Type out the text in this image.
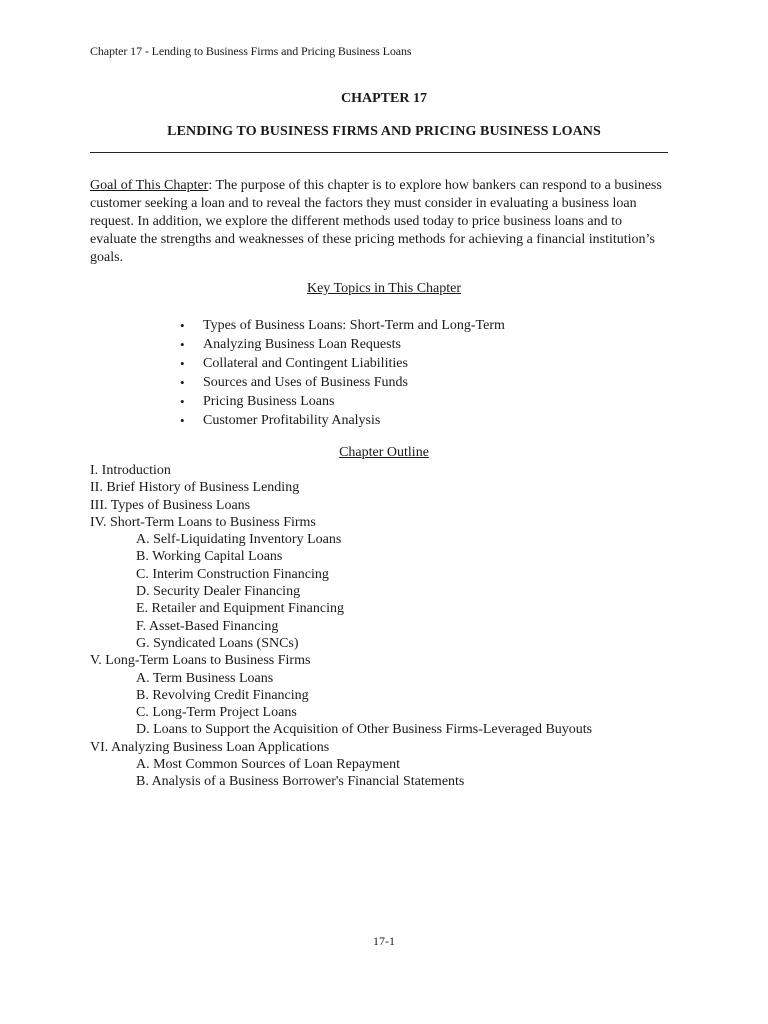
Chapter 17 - Lending to Business Firms and Pricing Business Loans
CHAPTER 17
LENDING TO BUSINESS FIRMS AND PRICING BUSINESS LOANS
Goal of This Chapter: The purpose of this chapter is to explore how bankers can respond to a business customer seeking a loan and to reveal the factors they must consider in evaluating a business loan request. In addition, we explore the different methods used today to price business loans and to evaluate the strengths and weaknesses of these pricing methods for achieving a financial institution’s goals.
Key Topics in This Chapter
• Types of Business Loans: Short-Term and Long-Term
• Analyzing Business Loan Requests
• Collateral and Contingent Liabilities
• Sources and Uses of Business Funds
• Pricing Business Loans
• Customer Profitability Analysis
Chapter Outline
I. Introduction
II. Brief History of Business Lending
III. Types of Business Loans
IV. Short-Term Loans to Business Firms
A. Self-Liquidating Inventory Loans
B. Working Capital Loans
C. Interim Construction Financing
D. Security Dealer Financing
E. Retailer and Equipment Financing
F. Asset-Based Financing
G. Syndicated Loans (SNCs)
V. Long-Term Loans to Business Firms
A. Term Business Loans
B. Revolving Credit Financing
C. Long-Term Project Loans
D. Loans to Support the Acquisition of Other Business Firms-Leveraged Buyouts
VI. Analyzing Business Loan Applications
A. Most Common Sources of Loan Repayment
B. Analysis of a Business Borrower's Financial Statements
17-1
